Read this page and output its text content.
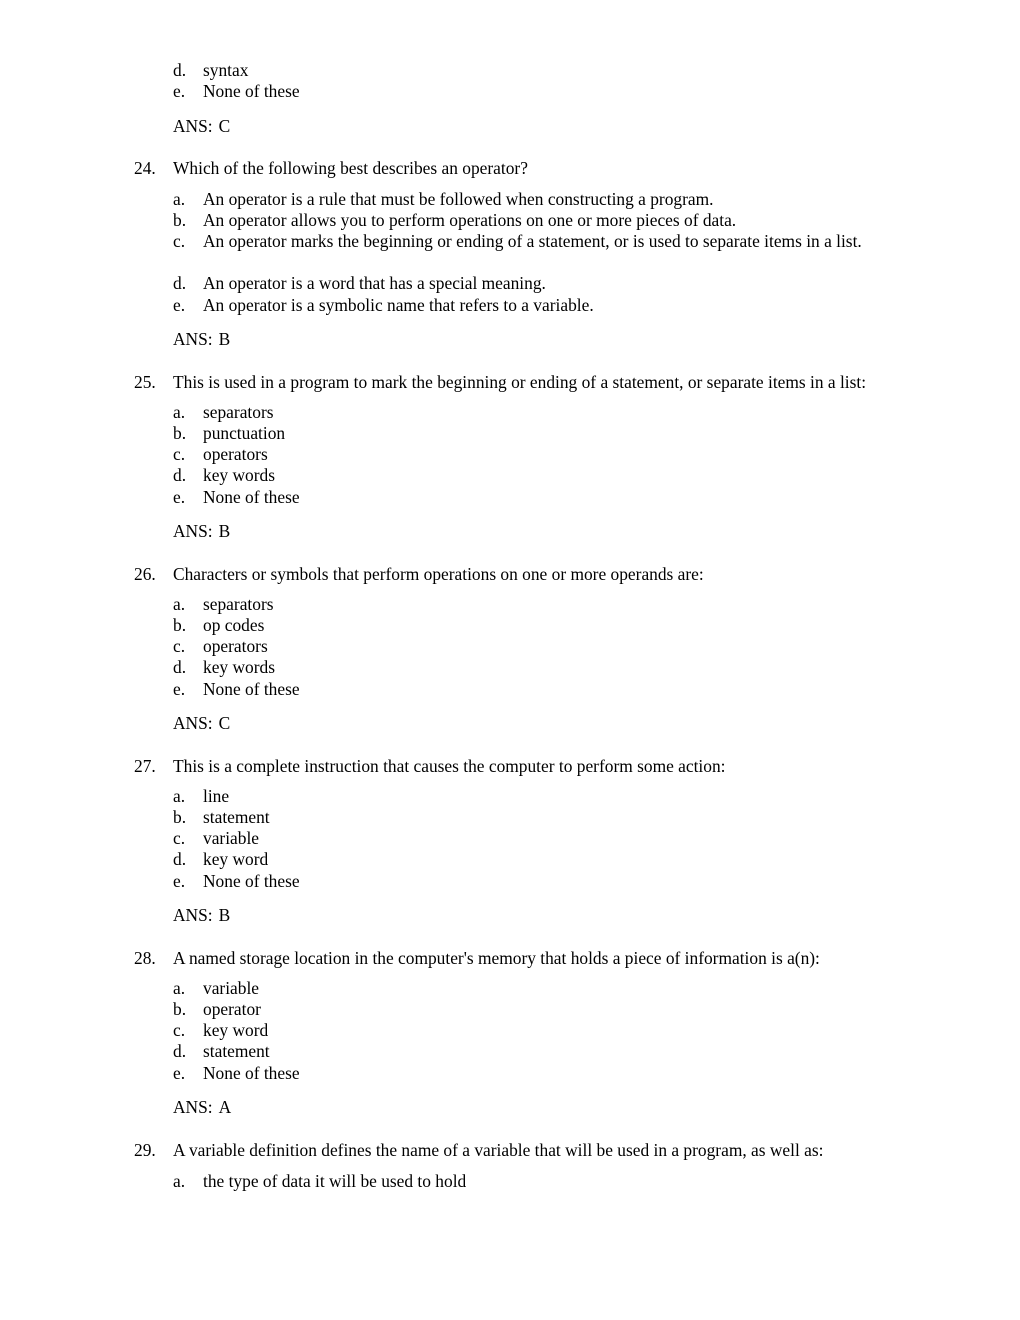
d. syntax
e. None of these
ANS: C
24. Which of the following best describes an operator?
a. An operator is a rule that must be followed when constructing a program.
b. An operator allows you to perform operations on one or more pieces of data.
c. An operator marks the beginning or ending of a statement, or is used to separate items in a list.
d. An operator is a word that has a special meaning.
e. An operator is a symbolic name that refers to a variable.
ANS: B
25. This is used in a program to mark the beginning or ending of a statement, or separate items in a list:
a. separators
b. punctuation
c. operators
d. key words
e. None of these
ANS: B
26. Characters or symbols that perform operations on one or more operands are:
a. separators
b. op codes
c. operators
d. key words
e. None of these
ANS: C
27. This is a complete instruction that causes the computer to perform some action:
a. line
b. statement
c. variable
d. key word
e. None of these
ANS: B
28. A named storage location in the computer's memory that holds a piece of information is a(n):
a. variable
b. operator
c. key word
d. statement
e. None of these
ANS: A
29. A variable definition defines the name of a variable that will be used in a program, as well as:
a. the type of data it will be used to hold
